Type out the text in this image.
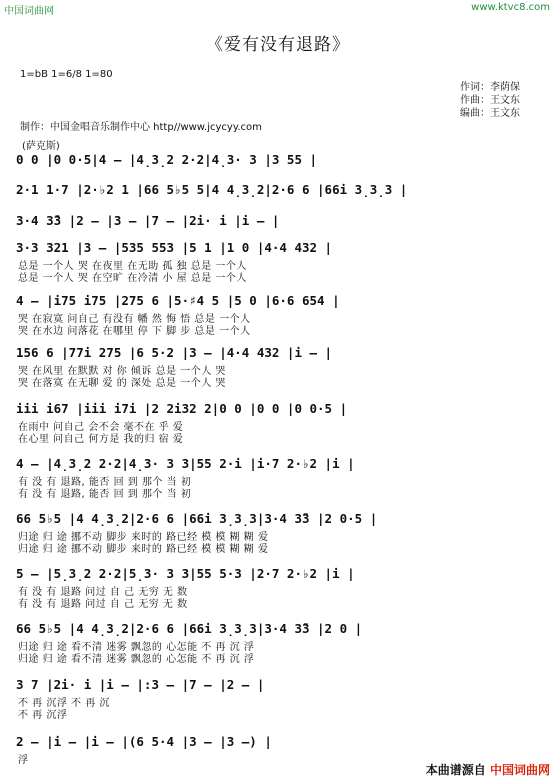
中国词曲网	www.ktvc8.com
《爱有没有退路》
1=bB 1=6/8 1=80
作词：李荫保
作曲：王文东
编曲：王文东
制作：中国金唱音乐制作中心 http//www.jcycyy.com
(萨克斯)
0 0 |0 0·5|4 – |4̣3̣2 2·2|4̣3· 3 |3 55 |
2·1 1·7 |2·♭2 1 |66 5♭5 5|4 4̣3̣2|2·6 6 |66i 3̣3̣3 |
3·4 3̄3 |2 – |3 – |7 – |2i· i |i – |
3·3 321 |3 – |535 553 |5 1 |1 0 |4·4 432 |
总是 一个人 哭 在夜里 在无助 孤 独 总是 一个人
总是 一个人 哭 在空旷 在冷清 小 屋 总是 一个人
4 – |i75 i75 |275 6 |5·♯4 5 |5 0 |6·6 654 |
哭 在寂寞 问自己 有没有 幡 然 悔 悟 总是 一个人
哭 在水边 问落花 在哪里 停 下 脚 步 总是 一个人
156 6 |77i 275 |6 5·2 |3 – |4·4 432 |i – |
哭 在风里 在默默 对 你 倾诉 总是 一个人 哭
哭 在落寞 在无聊 爱 的 深处 总是 一个人 哭
iii i67 |iii i7i |2 2i32 2|0 0 |0 0 |0 0·5 |
在雨中 问自己 会不会 毫不在 乎 爱
在心里 问自己 何方是 我的归 宿 爱
4 – |4̣3̣2 2·2|4̣3· 3 3|55 2·i |i·7 2·♭2 |i |
有 没 有 退路, 能否 回 到 那个 当 初
有 没 有 退路, 能否 回 到 那个 当 初
66 5♭5 |4 4̣3̣2|2·6 6 |66i 3̣3̣3|3·4 3̄3 |2 0·5 |
归途 归 途 挪不动 脚步 来时的 路已经 模 模 糊 糊 爱
归途 归 途 挪不动 脚步 来时的 路已经 模 模 糊 糊 爱
5 – |5̣3̣2 2·2|5̣3· 3 3|55 5·3 |2·7 2·♭2 |i |
有 没 有 退路 问过 自 己 无穷 无 数
有 没 有 退路 问过 自 己 无穷 无 数
66 5♭5 |4 4̣3̣2|2·6 6 |66i 3̣3̣3|3·4 3̄3 |2 0 |
归途 归 途 看不清 迷雾 飘忽的 心怎能 不 再 沉 浮
归途 归 途 看不清 迷雾 飘忽的 心怎能 不 再 沉 浮
3 7 |2i· i |i – |:3 – |7 – |2 – |
不 再 沉浮 不 再 沉
不 再 沉浮
2 – |i – |i – |(6 5·4 |3 – |3 –) |
浮
本曲谱源自 中国词曲网
